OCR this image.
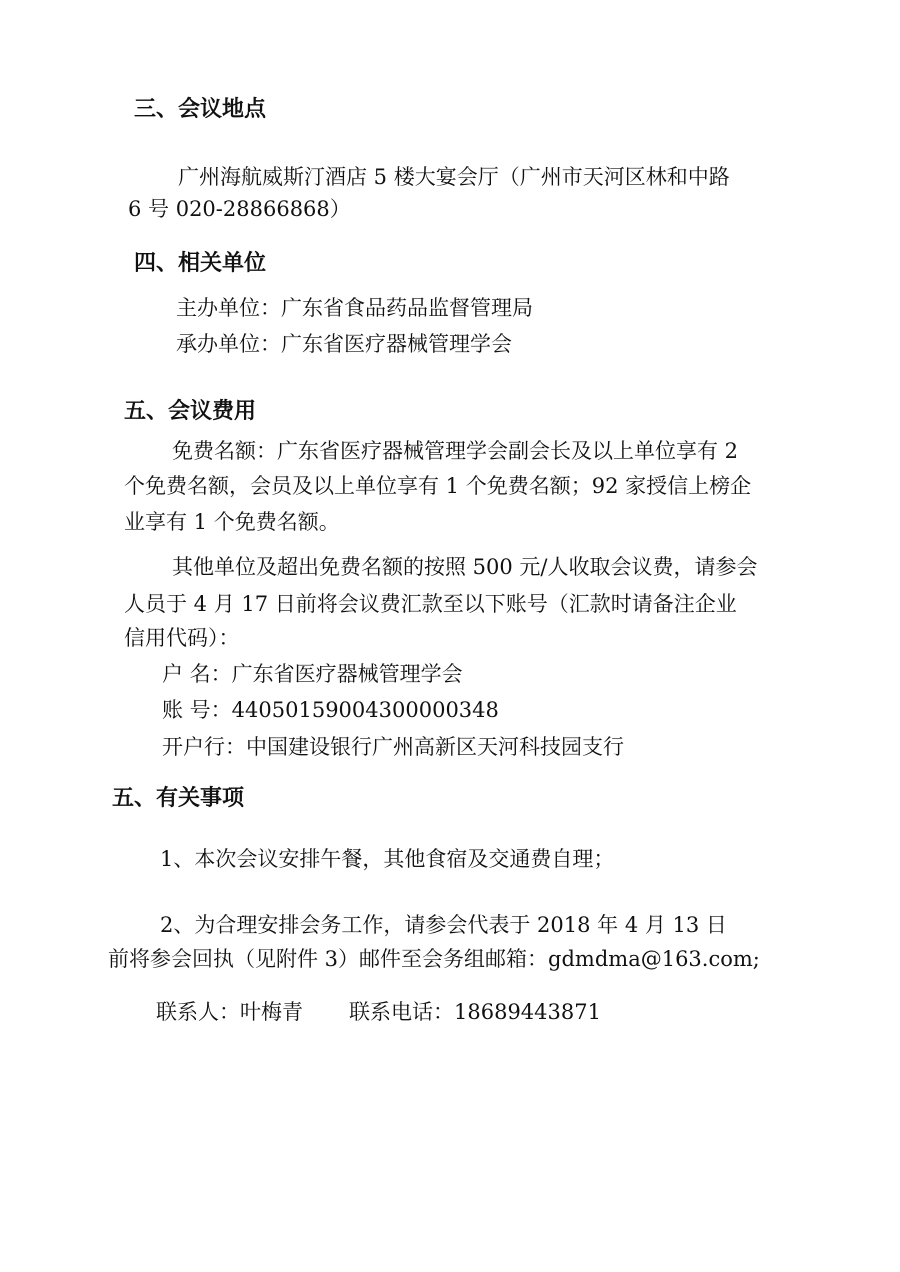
三、会议地点
广州海航威斯汀酒店 5 楼大宴会厅（广州市天河区林和中路
6 号 020-28866868）
四、相关单位
主办单位：广东省食品药品监督管理局
承办单位：广东省医疗器械管理学会
五、会议费用
免费名额：广东省医疗器械管理学会副会长及以上单位享有 2
个免费名额，会员及以上单位享有 1 个免费名额；92 家授信上榜企
业享有 1 个免费名额。
其他单位及超出免费名额的按照 500 元/人收取会议费，请参会
人员于 4 月 17 日前将会议费汇款至以下账号（汇款时请备注企业
信用代码）：
户 名：广东省医疗器械管理学会
账 号：44050159004300000348
开户行：中国建设银行广州高新区天河科技园支行
五、有关事项
1、本次会议安排午餐，其他食宿及交通费自理；
2、为合理安排会务工作，请参会代表于 2018 年 4 月 13 日
前将参会回执（见附件 3）邮件至会务组邮箱：gdmdma@163.com;
联系人：叶梅青 联系电话：18689443871
